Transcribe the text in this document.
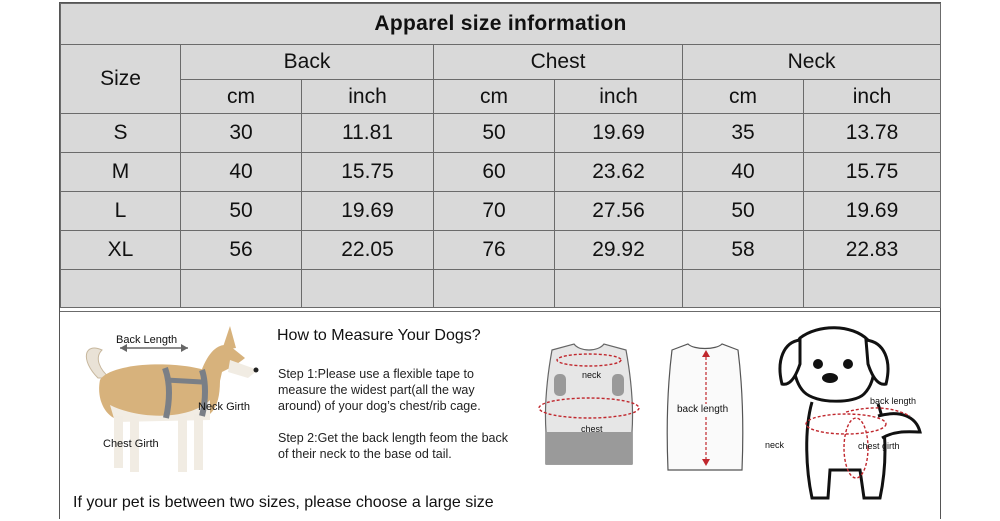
Apparel size information						
Size	Back		Chest		Neck	
	cm	inch	cm	inch	cm	inch
S	30	11.81	50	19.69	35	13.78
M	40	15.75	60	23.62	40	15.75
L	50	19.69	70	27.56	50	19.69
XL	56	22.05	76	29.92	58	22.83

Back Length
Neck Girth
Chest Girth
How to Measure Your Dogs?
Step 1:Please use a flexible tape to measure the widest part(all the way around) of your dog’s chest/rib cage.
Step 2:Get the back length feom the back of their neck to the base od tail.
If your pet is between two sizes, please choose a large size
neck
chest
back length
back length
neck	chest girth
